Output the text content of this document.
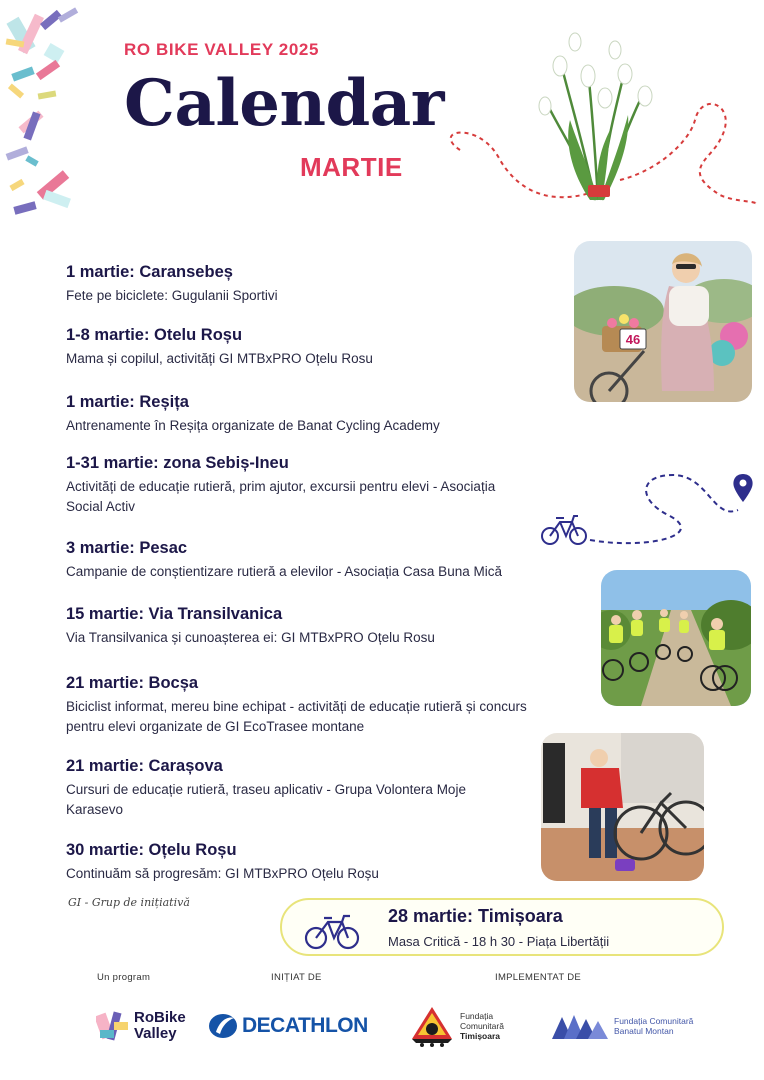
RO BIKE VALLEY 2025
Calendar
MARTIE
1 martie: Caransebeș
Fete pe biciclete: Gugulanii Sportivi
1-8 martie: Otelu Roșu
Mama și copilul, activități GI MTBxPRO Oțelu Rosu
1 martie: Reșița
Antrenamente în Reșița organizate de Banat Cycling Academy
1-31 martie: zona Sebiș-Ineu
Activități de educație rutieră, prim ajutor, excursii pentru elevi - Asociația Social Activ
3 martie: Pesac
Campanie de conștientizare rutieră a elevilor - Asociația Casa Buna Mică
15 martie: Via Transilvanica
Via Transilvanica și cunoașterea ei: GI MTBxPRO Oțelu Rosu
21 martie: Bocșa
Biciclist informat, mereu bine echipat - activități de educație rutieră și concurs pentru elevi organizate de GI EcoTrasee montane
21 martie: Carașova
Cursuri de educație rutieră, traseu aplicativ - Grupa Volontera Moje Karasevo
30 martie: Oțelu Roșu
Continuăm să progresăm: GI MTBxPRO Oțelu Roșu
46
GI - Grup de inițiativă
28 martie: Timișoara
Masa Critică - 18 h 30 - Piața Libertății
Un program	INIȚIAT DE	IMPLEMENTAT DE
RoBike
Valley	DECATHLON	Fundația
Comunitară
Timișoara
Fundația Comunitară
Banatul Montan
